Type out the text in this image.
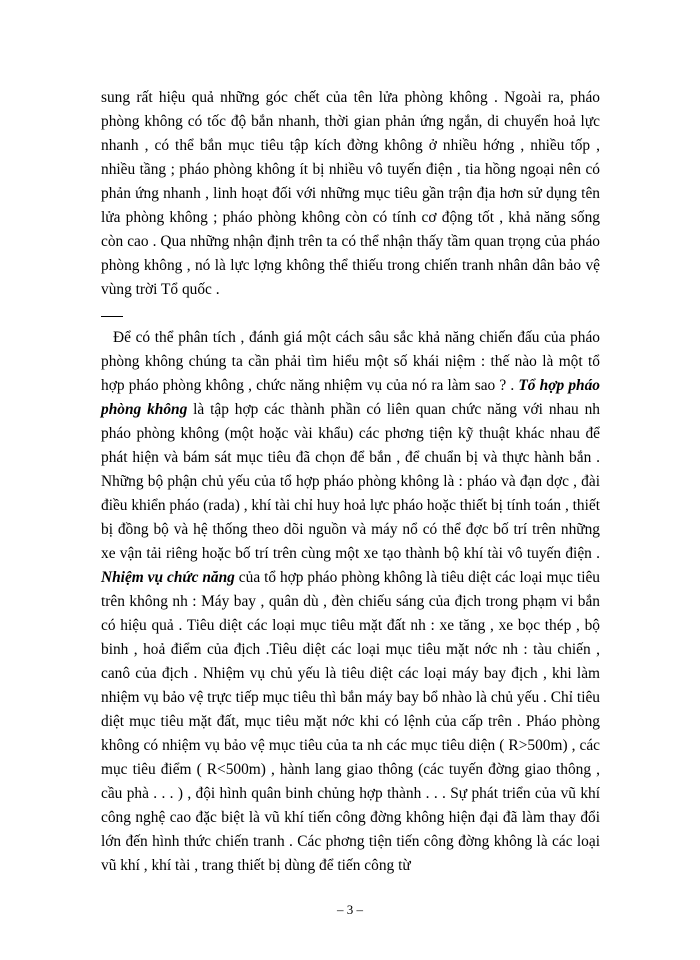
sung rất hiệu quả những góc chết của tên lửa phòng không . Ngoài ra, pháo phòng không có tốc độ bắn nhanh, thời gian phản ứng ngắn, di chuyển hoả lực nhanh , có thể bắn mục tiêu tập kích đờng không ở nhiều hớng , nhiều tốp , nhiều tầng ; pháo phòng không ít bị nhiều vô tuyến điện , tia hồng ngoại nên có phản ứng nhanh , linh hoạt đối với những mục tiêu gần trận địa hơn sử dụng tên lửa phòng không ; pháo phòng không còn có tính cơ động tốt , khả năng sống còn cao . Qua những nhận định trên ta có thể nhận thấy tầm quan trọng của pháo phòng không , nó là lực lợng không thể thiếu trong chiến tranh nhân dân bảo vệ vùng trời Tổ quốc .

Để có thể phân tích , đánh giá một cách sâu sắc khả năng chiến đấu của pháo phòng không chúng ta cần phải tìm hiểu một số khái niệm : thế nào là một tổ hợp pháo phòng không , chức năng nhiệm vụ của nó ra làm sao ? . Tổ hợp pháo phòng không là tập hợp các thành phần có liên quan chức năng với nhau nh pháo phòng không (một hoặc vài khẩu) các phơng tiện kỹ thuật khác nhau để phát hiện và bám sát mục tiêu đã chọn để bắn , để chuẩn bị và thực hành bắn . Những bộ phận chủ yếu của tổ hợp pháo phòng không là : pháo và đạn dợc , đài điều khiển pháo (rada) , khí tài chỉ huy hoả lực pháo hoặc thiết bị tính toán , thiết bị đồng bộ và hệ thống theo dõi nguồn và máy nổ có thể đợc bố trí trên những xe vận tải riêng hoặc bố trí trên cùng một xe tạo thành bộ khí tài vô tuyến điện . Nhiệm vụ chức năng của tổ hợp pháo phòng không là tiêu diệt các loại mục tiêu trên không nh : Máy bay , quân dù , đèn chiếu sáng của địch trong phạm vi bắn có hiệu quả . Tiêu diệt các loại mục tiêu mặt đất nh : xe tăng , xe bọc thép , bộ binh , hoả điểm của địch .Tiêu diệt các loại mục tiêu mặt nớc nh : tàu chiến , canô của địch . Nhiệm vụ chủ yếu là tiêu diệt các loại máy bay địch , khi làm nhiệm vụ bảo vệ trực tiếp mục tiêu thì bắn máy bay bổ nhào là chủ yếu . Chỉ tiêu diệt mục tiêu mặt đất, mục tiêu mặt nớc khi có lệnh của cấp trên . Pháo phòng không có nhiệm vụ bảo vệ mục tiêu của ta nh các mục tiêu diện ( R>500m) , các mục tiêu điểm ( R<500m) , hành lang giao thông (các tuyến đờng giao thông , cầu phà . . . ) , đội hình quân binh chủng hợp thành . . . Sự phát triển của vũ khí công nghệ cao đặc biệt là vũ khí tiến công đờng không hiện đại đã làm thay đổi lớn đến hình thức chiến tranh . Các phơng tiện tiến công đờng không là các loại vũ khí , khí tài , trang thiết bị dùng để tiến công từ

– 3 –
